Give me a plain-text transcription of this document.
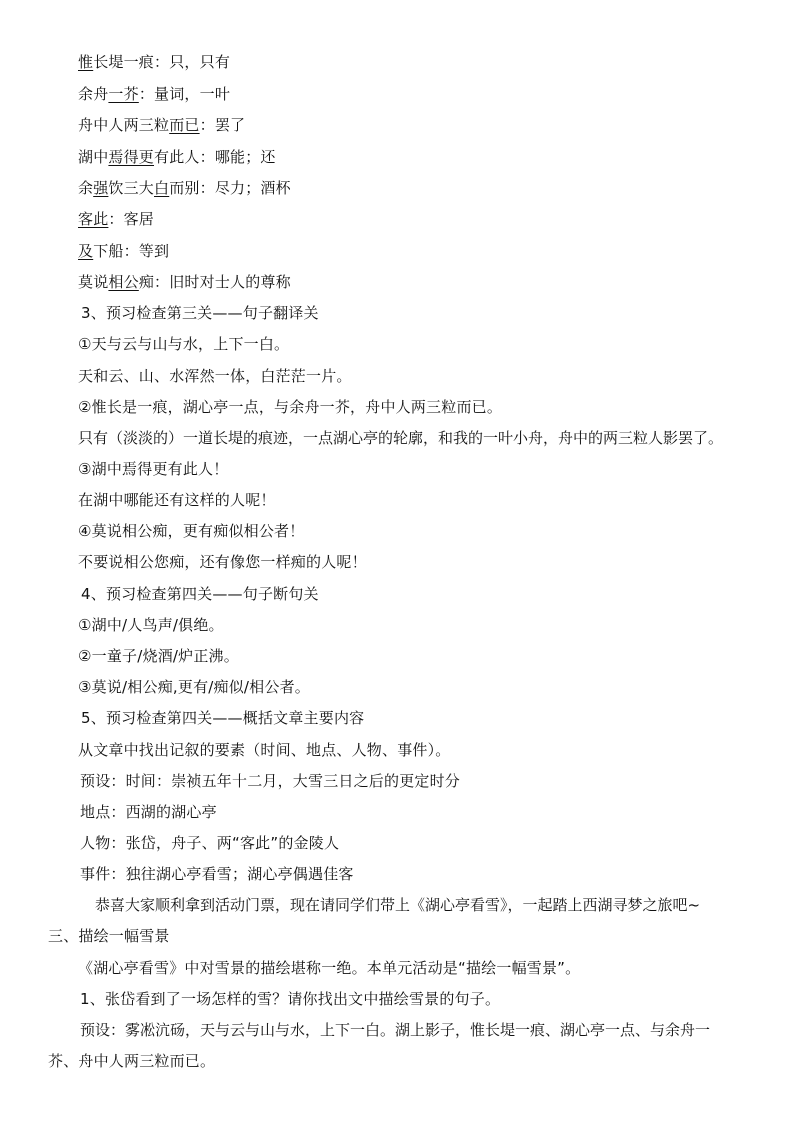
惟长堤一痕：只，只有
余舟一芥：量词，一叶
舟中人两三粒而已：罢了
湖中焉得更有此人：哪能；还
余强饮三大白而别：尽力；酒杯
客此：客居
及下船：等到
莫说相公痴：旧时对士人的尊称
3、预习检查第三关——句子翻译关
①天与云与山与水，上下一白。
天和云、山、水浑然一体，白茫茫一片。
②惟长是一痕，湖心亭一点，与余舟一芥，舟中人两三粒而已。
只有（淡淡的）一道长堤的痕迹，一点湖心亭的轮廓，和我的一叶小舟，舟中的两三粒人影罢了。
③湖中焉得更有此人！
在湖中哪能还有这样的人呢！
④莫说相公痴，更有痴似相公者！
不要说相公您痴，还有像您一样痴的人呢！
4、预习检查第四关——句子断句关
①湖中/人鸟声/俱绝。
②一童子/烧酒/炉正沸。
③莫说/相公痴,更有/痴似/相公者。
5、预习检查第四关——概括文章主要内容
从文章中找出记叙的要素（时间、地点、人物、事件）。
预设：时间：崇祯五年十二月，大雪三日之后的更定时分
地点：西湖的湖心亭
人物：张岱，舟子、两“客此”的金陵人
事件：独往湖心亭看雪；湖心亭偶遇佳客
恭喜大家顺利拿到活动门票，现在请同学们带上《湖心亭看雪》，一起踏上西湖寻梦之旅吧~
三、描绘一幅雪景
《湖心亭看雪》中对雪景的描绘堪称一绝。本单元活动是“描绘一幅雪景”。
1、张岱看到了一场怎样的雪？请你找出文中描绘雪景的句子。
预设：雾凇沆砀，天与云与山与水，上下一白。湖上影子，惟长堤一痕、湖心亭一点、与余舟一
芥、舟中人两三粒而已。
